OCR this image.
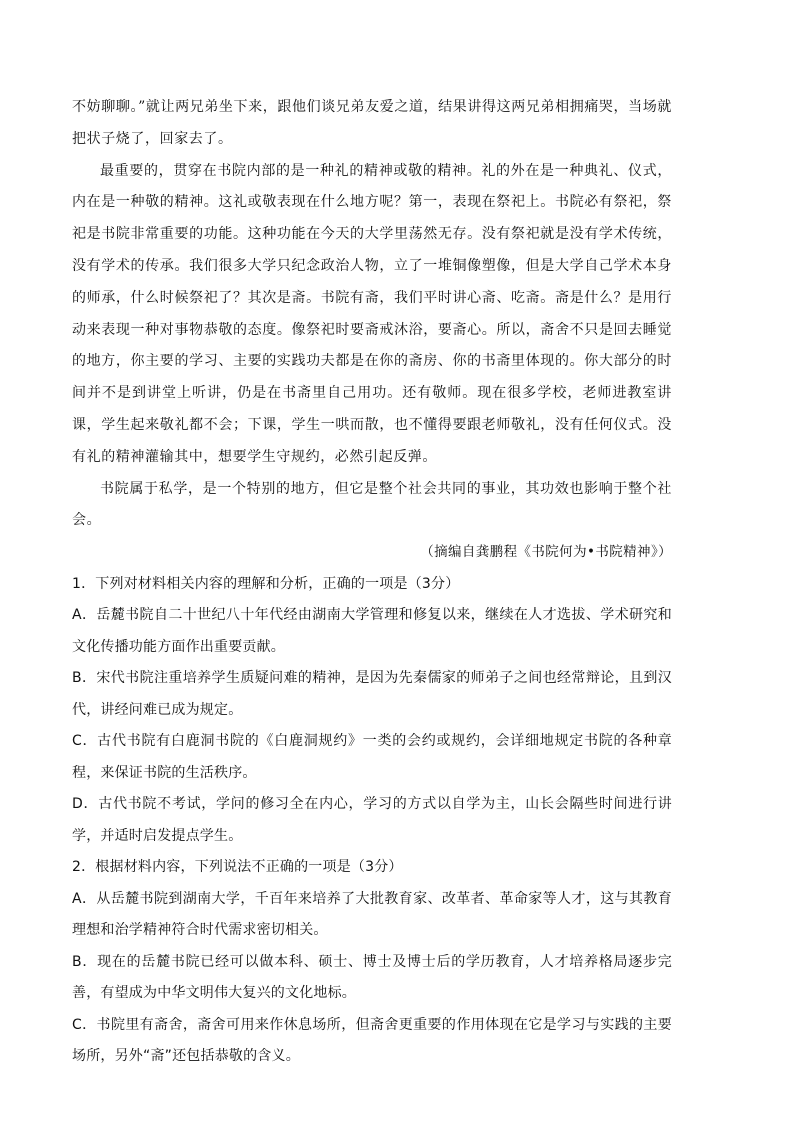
不妨聊聊。”就让两兄弟坐下来，跟他们谈兄弟友爱之道，结果讲得这两兄弟相拥痛哭，当场就把状子烧了，回家去了。

最重要的，贯穿在书院内部的是一种礼的精神或敬的精神。礼的外在是一种典礼、仪式，内在是一种敬的精神。这礼或敬表现在什么地方呢？第一，表现在祭祀上。书院必有祭祀，祭祀是书院非常重要的功能。这种功能在今天的大学里荡然无存。没有祭祀就是没有学术传统，没有学术的传承。我们很多大学只纪念政治人物，立了一堆铜像塑像，但是大学自己学术本身的师承，什么时候祭祀了？其次是斋。书院有斋，我们平时讲心斋、吃斋。斋是什么？是用行动来表现一种对事物恭敬的态度。像祭祀时要斋戒沐浴，要斋心。所以，斋舍不只是回去睡觉的地方，你主要的学习、主要的实践功夫都是在你的斋房、你的书斋里体现的。你大部分的时间并不是到讲堂上听讲，仍是在书斋里自己用功。还有敬师。现在很多学校，老师进教室讲课，学生起来敬礼都不会；下课，学生一哄而散，也不懂得要跟老师敬礼，没有任何仪式。没有礼的精神灌输其中，想要学生守规约，必然引起反弹。

书院属于私学，是一个特别的地方，但它是整个社会共同的事业，其功效也影响于整个社会。

（摘编自龚鹏程《书院何为•书院精神》）

1．下列对材料相关内容的理解和分析，正确的一项是（3分）

A．岳麓书院自二十世纪八十年代经由湖南大学管理和修复以来，继续在人才选拔、学术研究和文化传播功能方面作出重要贡献。

B．宋代书院注重培养学生质疑问难的精神，是因为先秦儒家的师弟子之间也经常辩论，且到汉代，讲经问难已成为规定。

C．古代书院有白鹿洞书院的《白鹿洞规约》一类的会约或规约，会详细地规定书院的各种章程，来保证书院的生活秩序。

D．古代书院不考试，学问的修习全在内心，学习的方式以自学为主，山长会隔些时间进行讲学，并适时启发提点学生。

2．根据材料内容，下列说法不正确的一项是（3分）

A．从岳麓书院到湖南大学，千百年来培养了大批教育家、改革者、革命家等人才，这与其教育理想和治学精神符合时代需求密切相关。

B．现在的岳麓书院已经可以做本科、硕士、博士及博士后的学历教育，人才培养格局逐步完善，有望成为中华文明伟大复兴的文化地标。

C．书院里有斋舍，斋舍可用来作休息场所，但斋舍更重要的作用体现在它是学习与实践的主要场所，另外“斋”还包括恭敬的含义。
